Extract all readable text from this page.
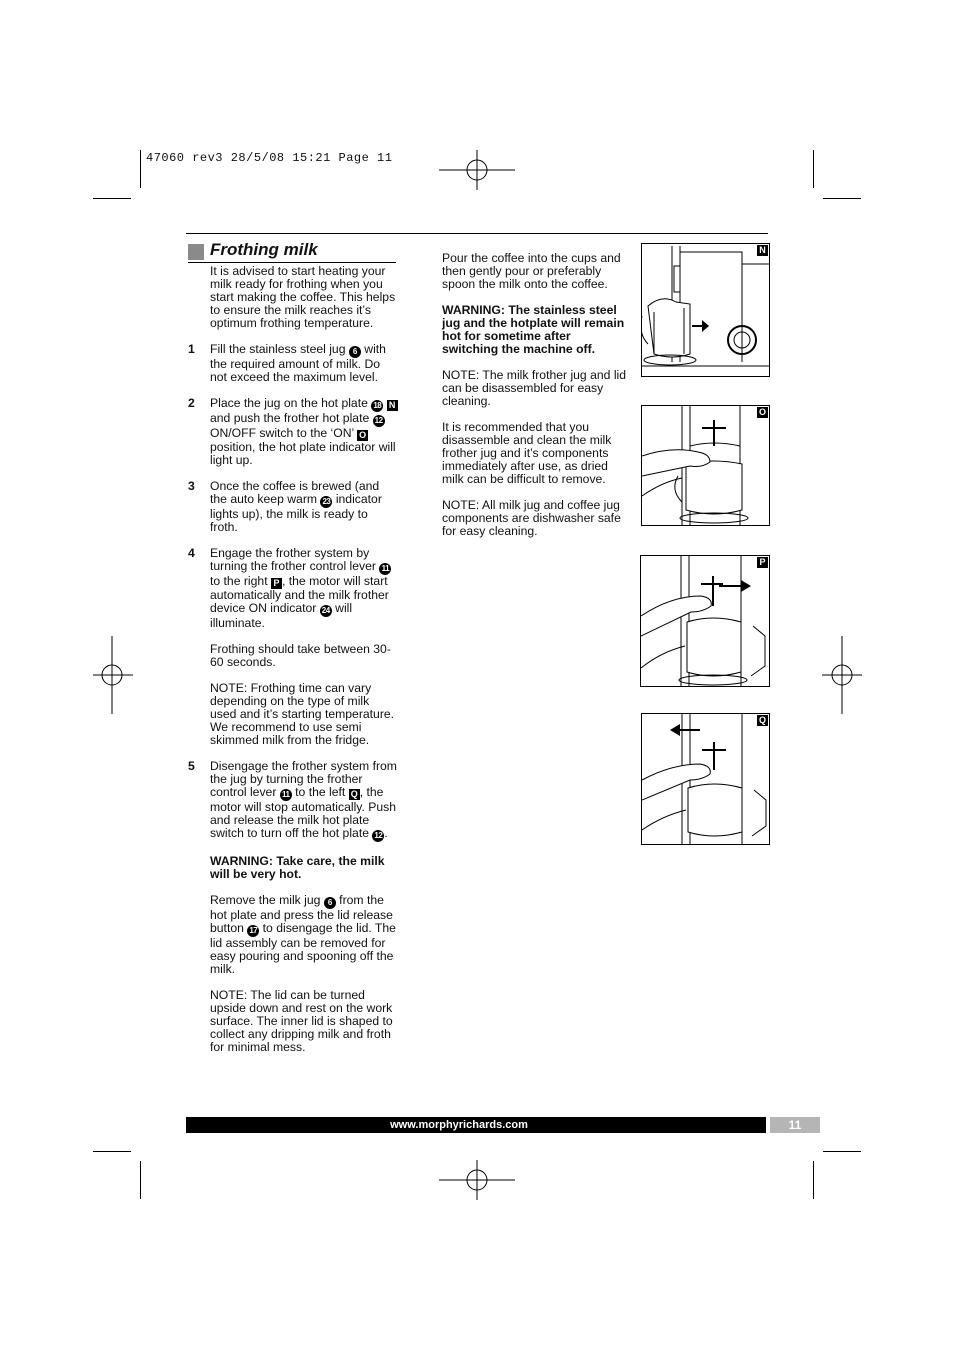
47060 rev3 28/5/08 15:21 Page 11
Frothing milk

It is advised to start heating your milk ready for frothing when you start making the coffee. This helps to ensure the milk reaches it’s optimum frothing temperature.

1 Fill the stainless steel jug 6 with the required amount of milk. Do not exceed the maximum level.

2 Place the jug on the hot plate 18 N and push the frother hot plate 12 ON/OFF switch to the ‘ON’ O position, the hot plate indicator will light up.

3 Once the coffee is brewed (and the auto keep warm 23 indicator lights up), the milk is ready to froth.

4 Engage the frother system by turning the frother control lever 11 to the right P , the motor will start automatically and the milk frother device ON indicator 24 will illuminate.

Frothing should take between 30-60 seconds.

NOTE: Frothing time can vary depending on the type of milk used and it’s starting temperature. We recommend to use semi skimmed milk from the fridge.

5 Disengage the frother system from the jug by turning the frother control lever 11 to the left Q , the motor will stop automatically. Push and release the milk hot plate switch to turn off the hot plate 12 .

WARNING: Take care, the milk will be very hot.

Remove the milk jug 6 from the hot plate and press the lid release button 17 to disengage the lid. The lid assembly can be removed for easy pouring and spooning off the milk.

NOTE: The lid can be turned upside down and rest on the work surface. The inner lid is shaped to collect any dripping milk and froth for minimal mess.

Pour the coffee into the cups and then gently pour or preferably spoon the milk onto the coffee.

WARNING: The stainless steel jug and the hotplate will remain hot for sometime after switching the machine off.

NOTE: The milk frother jug and lid can be disassembled for easy cleaning.

It is recommended that you disassemble and clean the milk frother jug and it’s components immediately after use, as dried milk can be difficult to remove.

NOTE: All milk jug and coffee jug components are dishwasher safe for easy cleaning.

N
O
P
Q
www.morphyrichards.com	11
